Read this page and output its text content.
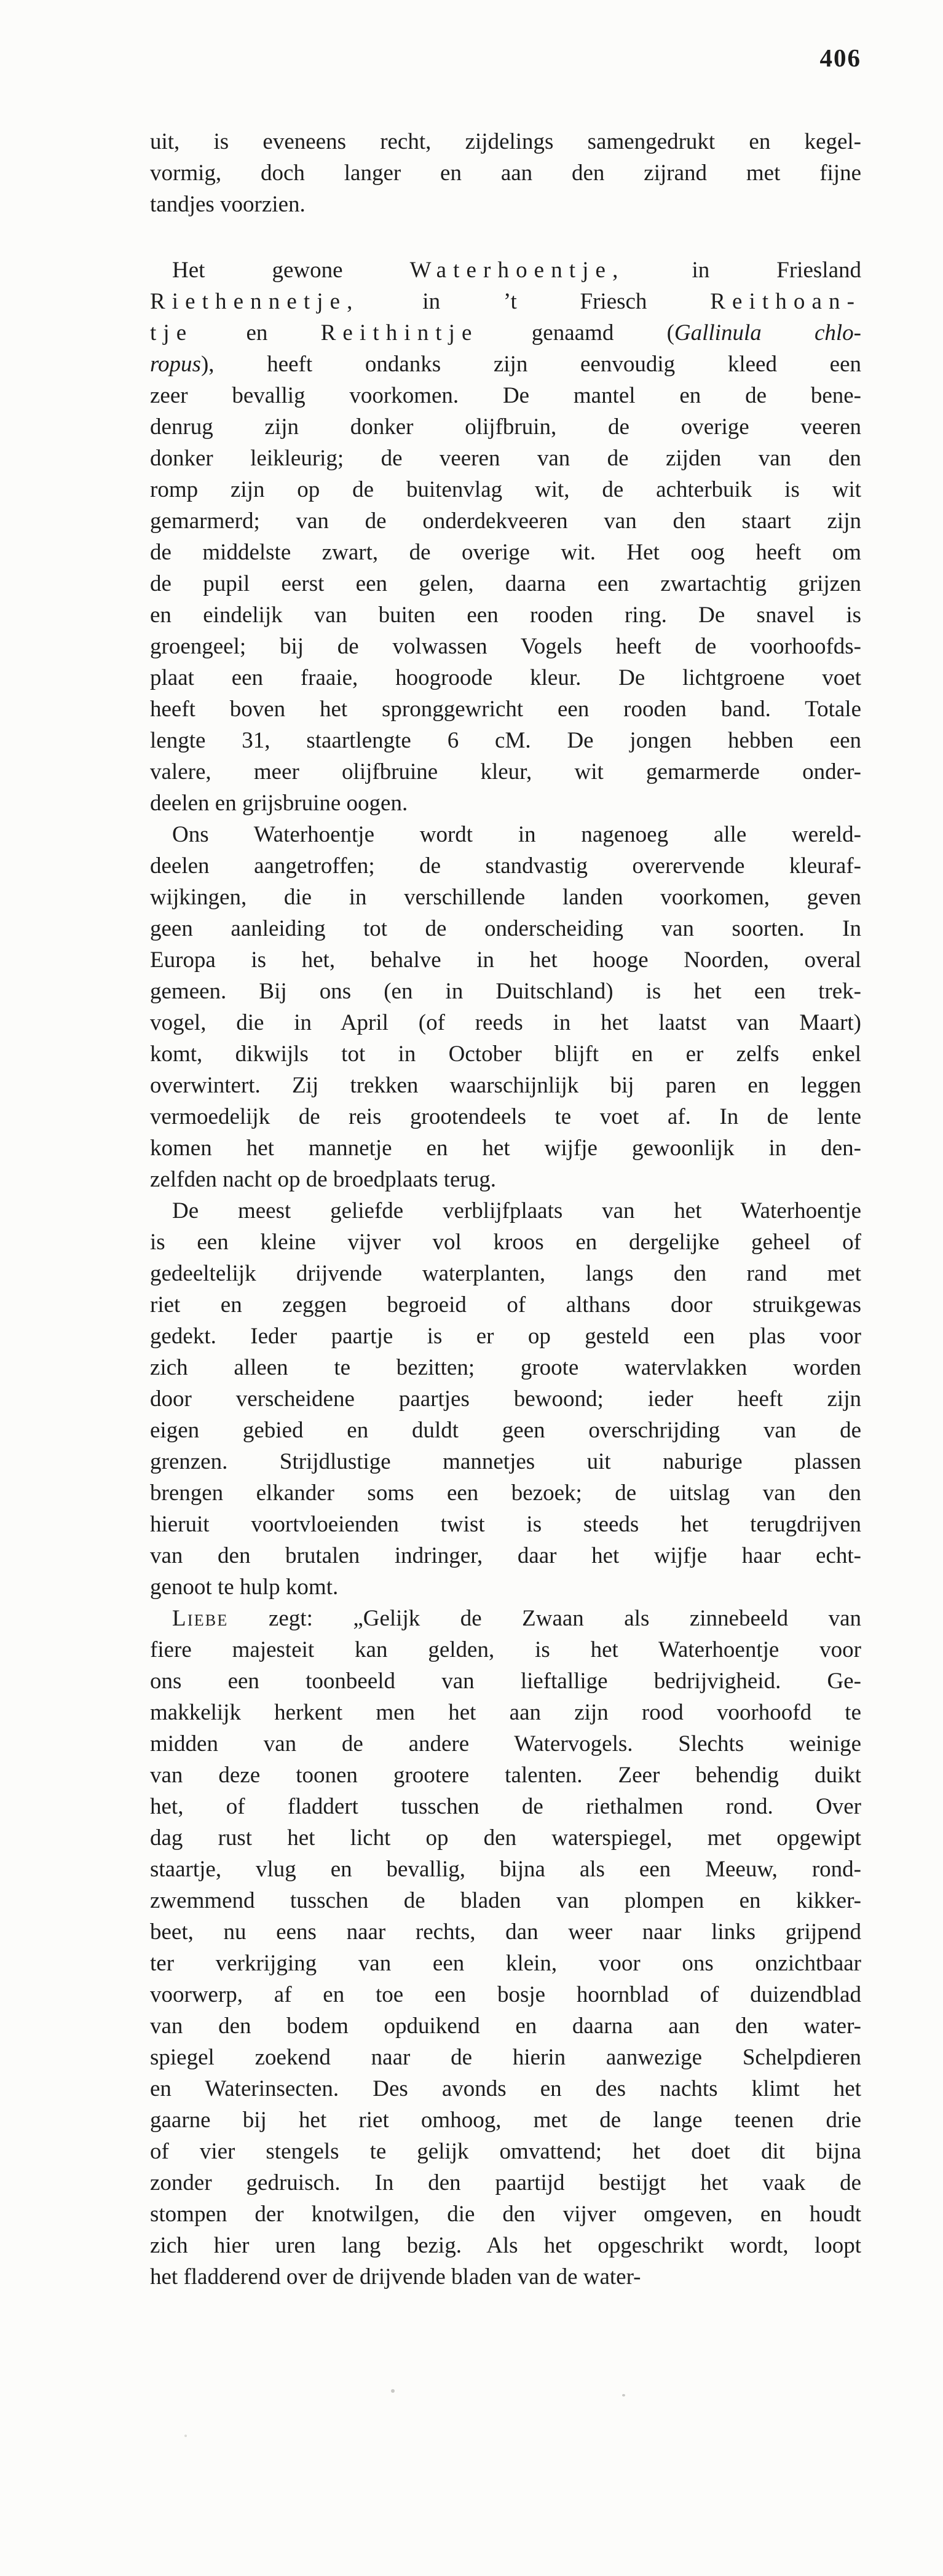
406
uit, is eveneens recht, zijdelings samengedrukt en kegel-
vormig, doch langer en aan den zijrand met fijne
tandjes voorzien.
Het gewone Waterhoentje, in Friesland
Riethennetje, in ’t Friesch Reithoan-
tje en Reithintje genaamd (Gallinula chlo-
ropus), heeft ondanks zijn eenvoudig kleed een
zeer bevallig voorkomen. De mantel en de bene-
denrug zijn donker olijfbruin, de overige veeren
donker leikleurig; de veeren van de zijden van den
romp zijn op de buitenvlag wit, de achterbuik is wit
gemarmerd; van de onderdekveeren van den staart zijn
de middelste zwart, de overige wit. Het oog heeft om
de pupil eerst een gelen, daarna een zwartachtig grijzen
en eindelijk van buiten een rooden ring. De snavel is
groengeel; bij de volwassen Vogels heeft de voorhoofds-
plaat een fraaie, hoogroode kleur. De lichtgroene voet
heeft boven het spronggewricht een rooden band. Totale
lengte 31, staartlengte 6 cM. De jongen hebben een
valere, meer olijfbruine kleur, wit gemarmerde onder-
deelen en grijsbruine oogen.
Ons Waterhoentje wordt in nagenoeg alle wereld-
deelen aangetroffen; de standvastig overervende kleuraf-
wijkingen, die in verschillende landen voorkomen, geven
geen aanleiding tot de onderscheiding van soorten. In
Europa is het, behalve in het hooge Noorden, overal
gemeen. Bij ons (en in Duitschland) is het een trek-
vogel, die in April (of reeds in het laatst van Maart)
komt, dikwijls tot in October blijft en er zelfs enkel
overwintert. Zij trekken waarschijnlijk bij paren en leggen
vermoedelijk de reis grootendeels te voet af. In de lente
komen het mannetje en het wijfje gewoonlijk in den-
zelfden nacht op de broedplaats terug.
De meest geliefde verblijfplaats van het Waterhoentje
is een kleine vijver vol kroos en dergelijke geheel of
gedeeltelijk drijvende waterplanten, langs den rand met
riet en zeggen begroeid of althans door struikgewas
gedekt. Ieder paartje is er op gesteld een plas voor
zich alleen te bezitten; groote watervlakken worden
door verscheidene paartjes bewoond; ieder heeft zijn
eigen gebied en duldt geen overschrijding van de
grenzen. Strijdlustige mannetjes uit naburige plassen
brengen elkander soms een bezoek; de uitslag van den
hieruit voortvloeienden twist is steeds het terugdrijven
van den brutalen indringer, daar het wijfje haar echt-
genoot te hulp komt.
Liebe zegt: „Gelijk de Zwaan als zinnebeeld van
fiere majesteit kan gelden, is het Waterhoentje voor
ons een toonbeeld van lieftallige bedrijvigheid. Ge-
makkelijk herkent men het aan zijn rood voorhoofd te
midden van de andere Watervogels. Slechts weinige
van deze toonen grootere talenten. Zeer behendig duikt
het, of fladdert tusschen de riethalmen rond. Over
dag rust het licht op den waterspiegel, met opgewipt
staartje, vlug en bevallig, bijna als een Meeuw, rond-
zwemmend tusschen de bladen van plompen en kikker-
beet, nu eens naar rechts, dan weer naar links grijpend
ter verkrijging van een klein, voor ons onzichtbaar
voorwerp, af en toe een bosje hoornblad of duizendblad
van den bodem opduikend en daarna aan den water-
spiegel zoekend naar de hierin aanwezige Schelpdieren
en Waterinsecten. Des avonds en des nachts klimt het
gaarne bij het riet omhoog, met de lange teenen drie
of vier stengels te gelijk omvattend; het doet dit bijna
zonder gedruisch. In den paartijd bestijgt het vaak de
stompen der knotwilgen, die den vijver omgeven, en houdt
zich hier uren lang bezig. Als het opgeschrikt wordt, loopt
het fladderend over de drijvende bladen van de water-
